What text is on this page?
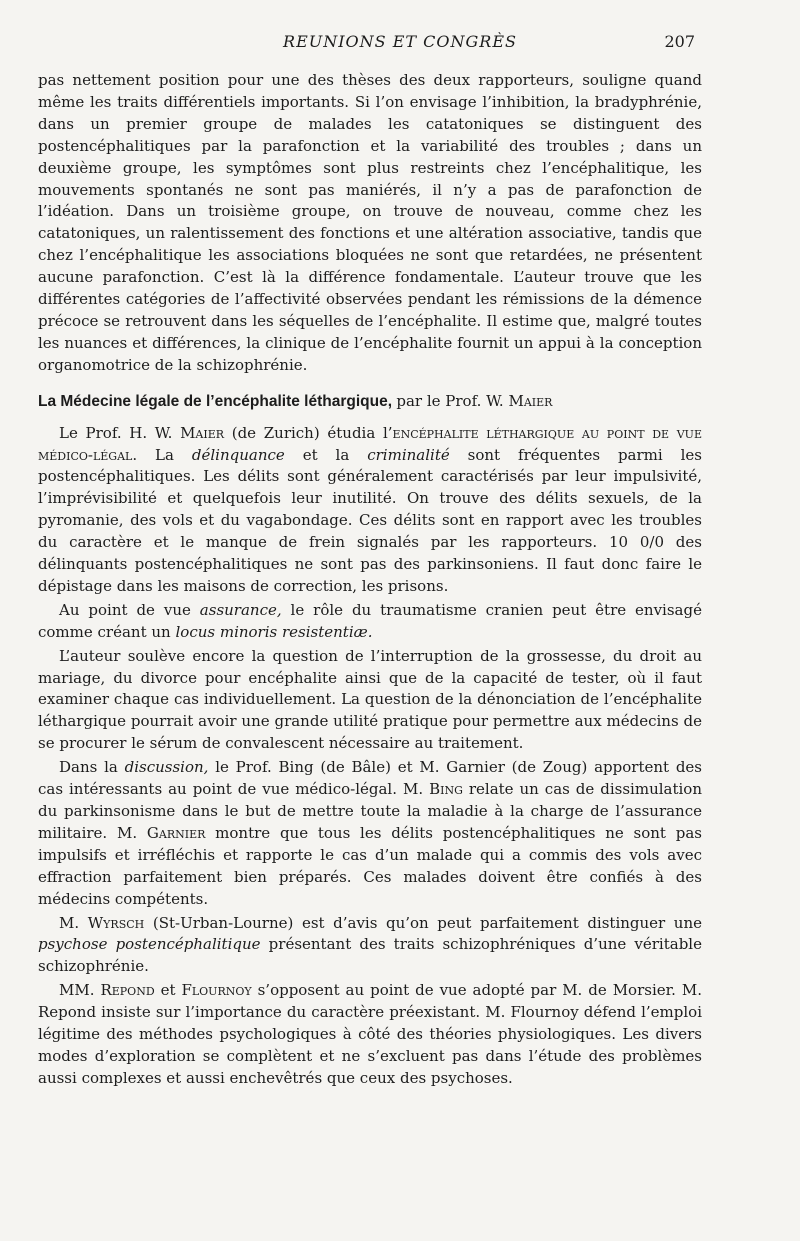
REUNIONS ET CONGRÈS	207

pas nettement position pour une des thèses des deux rapporteurs, souligne quand même les traits différentiels importants. Si l’on envisage l’inhibition, la bradyphrénie, dans un premier groupe de malades les catatoniques se distinguent des postencéphalitiques par la parafonction et la variabilité des troubles ; dans un deuxième groupe, les symptômes sont plus restreints chez l’encéphalitique, les mouvements spontanés ne sont pas maniérés, il n’y a pas de parafonction de l’idéation. Dans un troisième groupe, on trouve de nouveau, comme chez les catatoniques, un ralentissement des fonctions et une altération associative, tandis que chez l’encéphalitique les associations bloquées ne sont que retardées, ne présentent aucune parafonction. C’est là la différence fondamentale. L’auteur trouve que les différentes catégories de l’affectivité observées pendant les rémissions de la démence précoce se retrouvent dans les séquelles de l’encéphalite. Il estime que, malgré toutes les nuances et différences, la clinique de l’encéphalite fournit un appui à la conception organomotrice de la schizophrénie.

La Médecine légale de l’encéphalite léthargique, par le Prof. W. Maier

Le Prof. H. W. Maier (de Zurich) étudia l’encéphalite léthargique au point de vue médico-légal. La délinquance et la criminalité sont fréquentes parmi les postencéphalitiques. Les délits sont généralement caractérisés par leur impulsivité, l’imprévisibilité et quelquefois leur inutilité. On trouve des délits sexuels, de la pyromanie, des vols et du vagabondage. Ces délits sont en rapport avec les troubles du caractère et le manque de frein signalés par les rapporteurs. 10 0/0 des délinquants postencéphalitiques ne sont pas des parkinsoniens. Il faut donc faire le dépistage dans les maisons de correction, les prisons.

Au point de vue assurance, le rôle du traumatisme cranien peut être envisagé comme créant un locus minoris resistentiæ.

L’auteur soulève encore la question de l’interruption de la grossesse, du droit au mariage, du divorce pour encéphalite ainsi que de la capacité de tester, où il faut examiner chaque cas individuellement. La question de la dénonciation de l’encéphalite léthargique pourrait avoir une grande utilité pratique pour permettre aux médecins de se procurer le sérum de convalescent nécessaire au traitement.

Dans la discussion, le Prof. Bing (de Bâle) et M. Garnier (de Zoug) apportent des cas intéressants au point de vue médico-légal. M. Bing relate un cas de dissimulation du parkinsonisme dans le but de mettre toute la maladie à la charge de l’assurance militaire. M. Garnier montre que tous les délits postencéphalitiques ne sont pas impulsifs et irréfléchis et rapporte le cas d’un malade qui a commis des vols avec effraction parfaitement bien préparés. Ces malades doivent être confiés à des médecins compétents.

M. Wyrsch (St-Urban-Lourne) est d’avis qu’on peut parfaitement distinguer une psychose postencéphalitique présentant des traits schizophréniques d’une véritable schizophrénie.

MM. Repond et Flournoy s’opposent au point de vue adopté par M. de Morsier. M. Repond insiste sur l’importance du caractère préexistant. M. Flournoy défend l’emploi légitime des méthodes psychologiques à côté des théories physiologiques. Les divers modes d’exploration se complètent et ne s’excluent pas dans l’étude des problèmes aussi complexes et aussi enchevêtrés que ceux des psychoses.
